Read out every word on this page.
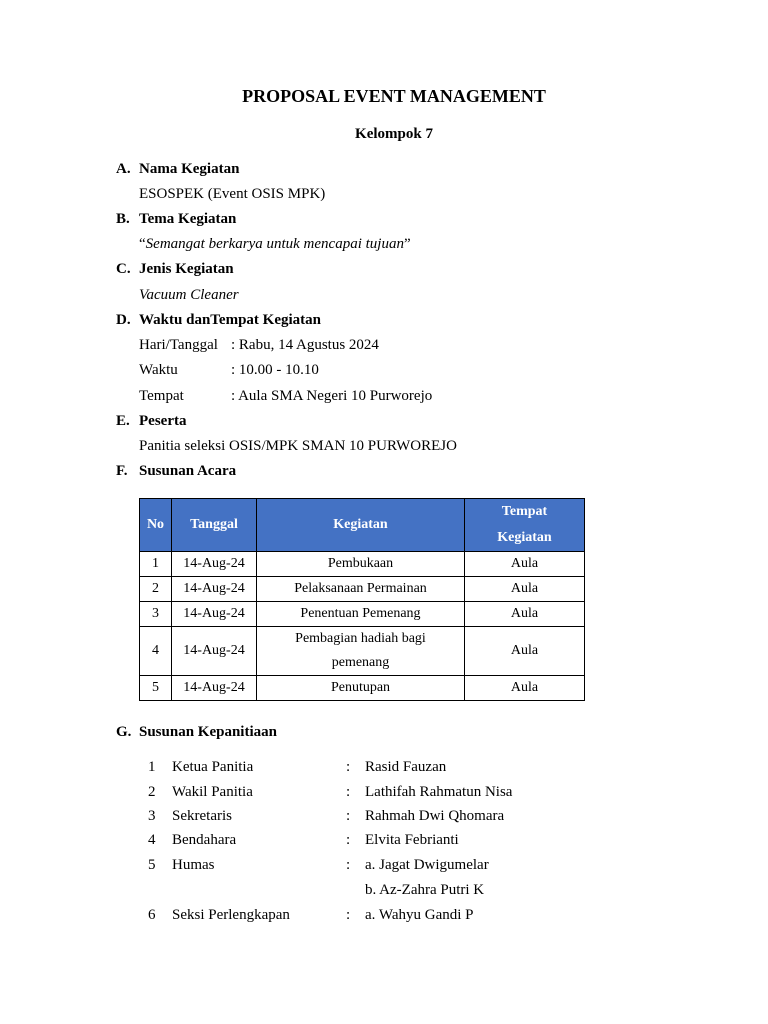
PROPOSAL EVENT MANAGEMENT
Kelompok 7
A. Nama Kegiatan
ESOSPEK (Event OSIS MPK)
B. Tema Kegiatan
“Semangat berkarya untuk mencapai tujuan”
C. Jenis Kegiatan
Vacuum Cleaner
D. Waktu danTempat Kegiatan
Hari/Tanggal : Rabu, 14 Agustus 2024
Waktu	: 10.00 - 10.10
Tempat	: Aula SMA Negeri 10 Purworejo
E. Peserta
Panitia seleksi OSIS/MPK SMAN 10 PURWOREJO
F. Susunan Acara
No	Tanggal	Kegiatan	Tempat
Kegiatan

1	14-Aug-24	Pembukaan	Aula
2	14-Aug-24	Pelaksanaan Permainan	Aula
3	14-Aug-24	Penentuan Pemenang	Aula
4	14-Aug-24	Pembagian hadiah bagi
pemenang	Aula
5	14-Aug-24	Penutupan	Aula
G. Susunan Kepanitiaan
1 Ketua Panitia	: Rasid Fauzan
2 Wakil Panitia	: Lathifah Rahmatun Nisa
3 Sekretaris	: Rahmah Dwi Qhomara
4 Bendahara	: Elvita Febrianti
5 Humas	: a. Jagat Dwigumelar
b. Az-Zahra Putri K
6 Seksi Perlengkapan	: a. Wahyu Gandi P
